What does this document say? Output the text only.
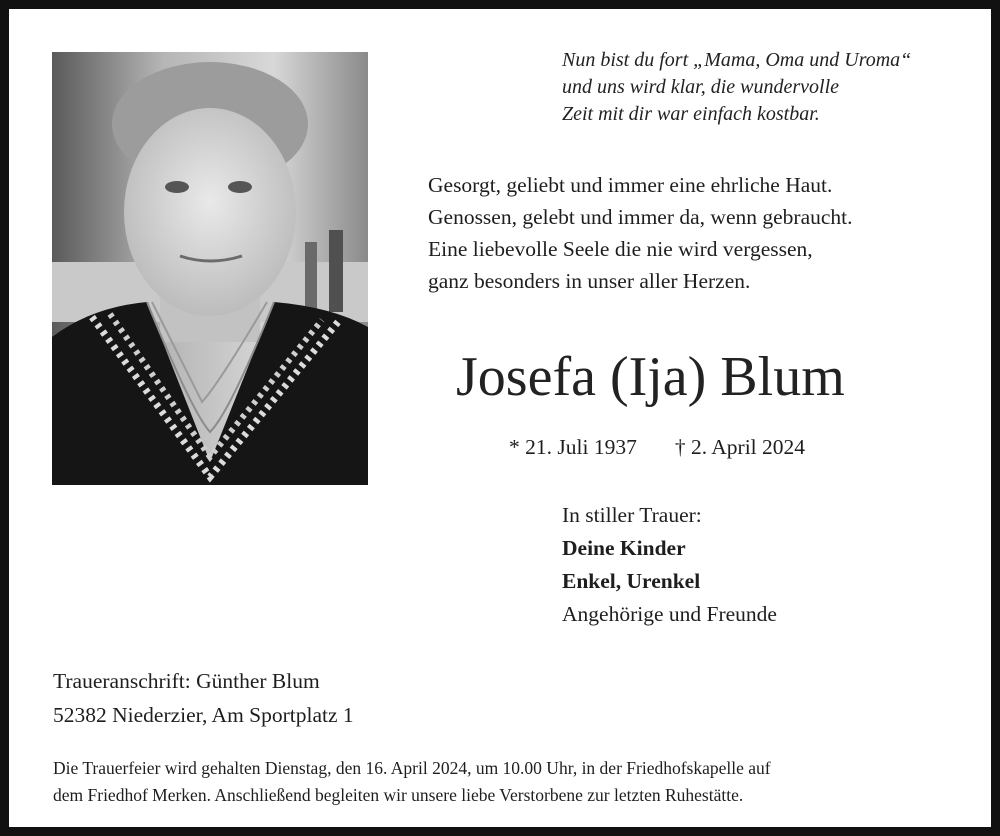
Nun bist du fort „Mama, Oma und Uroma“
und uns wird klar, die wundervolle
Zeit mit dir war einfach kostbar.
Gesorgt, geliebt und immer eine ehrliche Haut.
Genossen, gelebt und immer da, wenn gebraucht.
Eine liebevolle Seele die nie wird vergessen,
ganz besonders in unser aller Herzen.
Josefa (Ija) Blum
* 21. Juli 1937 † 2. April 2024
In stiller Trauer:
Deine Kinder
Enkel, Urenkel
Angehörige und Freunde
Traueranschrift: Günther Blum
52382 Niederzier, Am Sportplatz 1
Die Trauerfeier wird gehalten Dienstag, den 16. April 2024, um 10.00 Uhr, in der Friedhofskapelle auf
dem Friedhof Merken. Anschließend begleiten wir unsere liebe Verstorbene zur letzten Ruhestätte.
